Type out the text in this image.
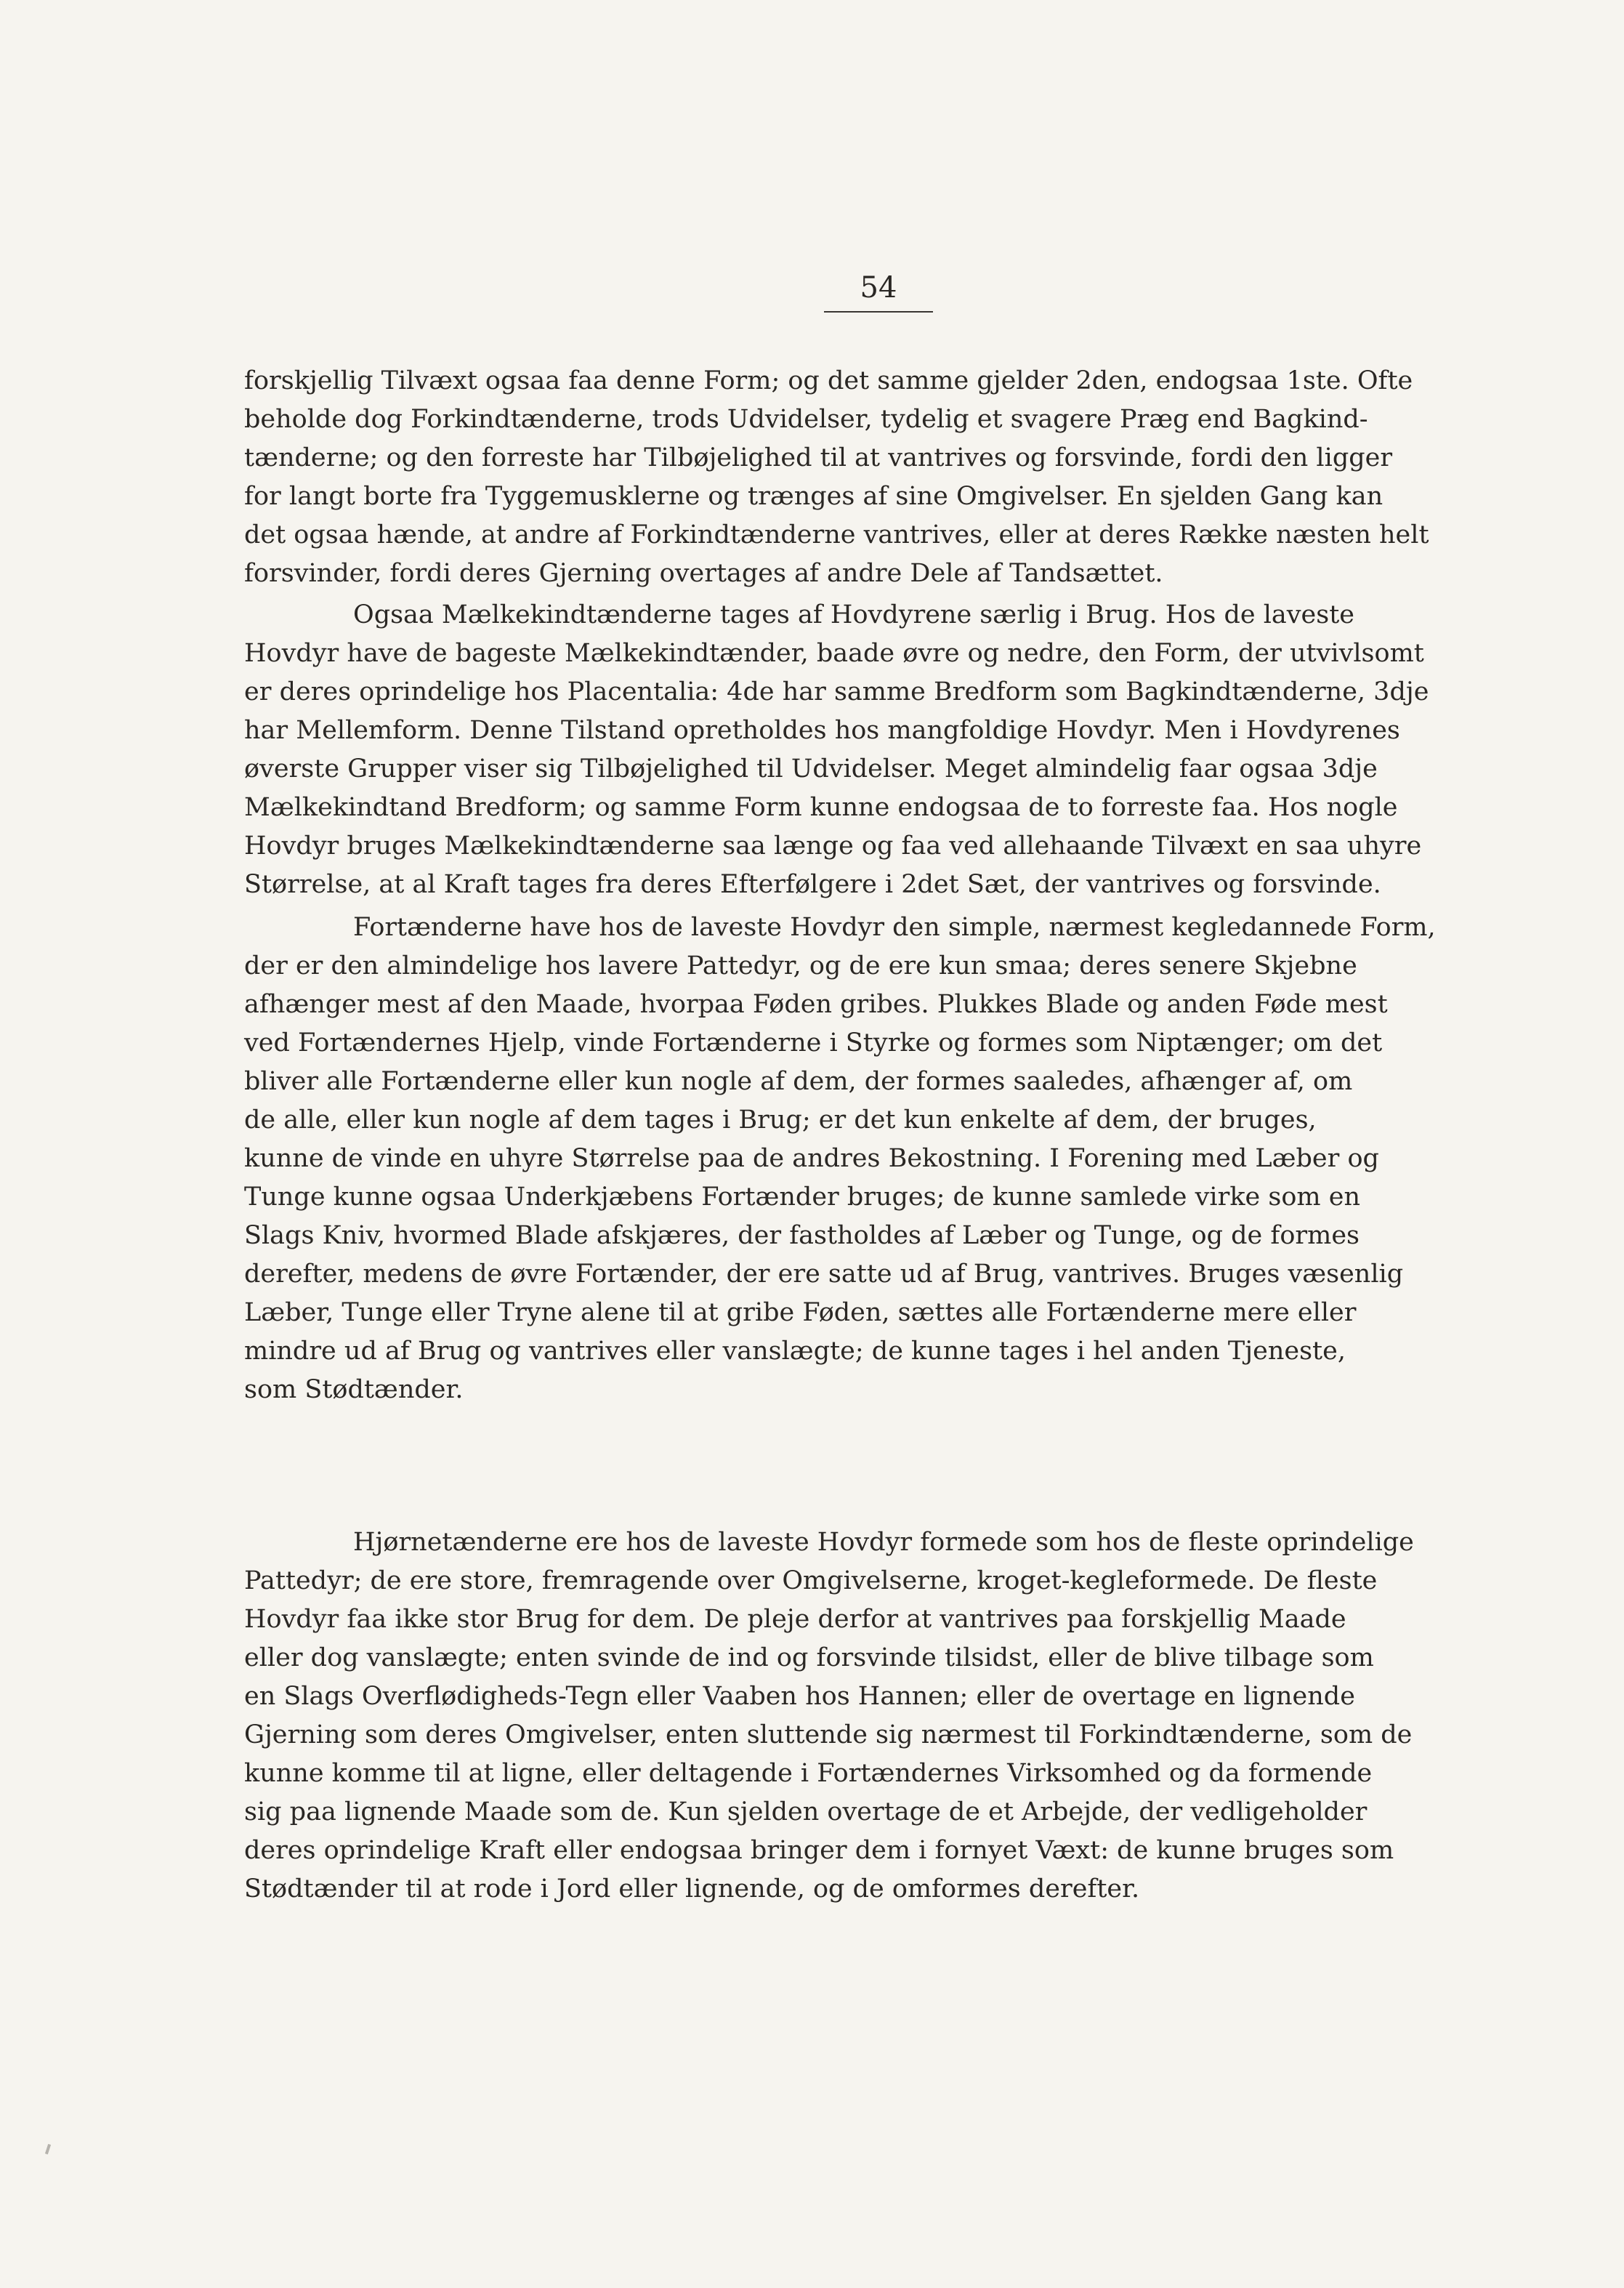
54
forskjellig Tilvæxt ogsaa faa denne Form; og det samme gjelder 2den, endogsaa 1ste. Ofte
beholde dog Forkindtænderne, trods Udvidelser, tydelig et svagere Præg end Bagkind-
tænderne; og den forreste har Tilbøjelighed til at vantrives og forsvinde, fordi den ligger
for langt borte fra Tyggemusklerne og trænges af sine Omgivelser. En sjelden Gang kan
det ogsaa hænde, at andre af Forkindtænderne vantrives, eller at deres Række næsten helt
forsvinder, fordi deres Gjerning overtages af andre Dele af Tandsættet.
Ogsaa Mælkekindtænderne tages af Hovdyrene særlig i Brug. Hos de laveste
Hovdyr have de bageste Mælkekindtænder, baade øvre og nedre, den Form, der utvivlsomt
er deres oprindelige hos Placentalia: 4de har samme Bredform som Bagkindtænderne, 3dje
har Mellemform. Denne Tilstand opretholdes hos mangfoldige Hovdyr. Men i Hovdyrenes
øverste Grupper viser sig Tilbøjelighed til Udvidelser. Meget almindelig faar ogsaa 3dje
Mælkekindtand Bredform; og samme Form kunne endogsaa de to forreste faa. Hos nogle
Hovdyr bruges Mælkekindtænderne saa længe og faa ved allehaande Tilvæxt en saa uhyre
Størrelse, at al Kraft tages fra deres Efterfølgere i 2det Sæt, der vantrives og forsvinde.
Fortænderne have hos de laveste Hovdyr den simple, nærmest kegledannede Form,
der er den almindelige hos lavere Pattedyr, og de ere kun smaa; deres senere Skjebne
afhænger mest af den Maade, hvorpaa Føden gribes. Plukkes Blade og anden Føde mest
ved Fortændernes Hjelp, vinde Fortænderne i Styrke og formes som Niptænger; om det
bliver alle Fortænderne eller kun nogle af dem, der formes saaledes, afhænger af, om
de alle, eller kun nogle af dem tages i Brug; er det kun enkelte af dem, der bruges,
kunne de vinde en uhyre Størrelse paa de andres Bekostning. I Forening med Læber og
Tunge kunne ogsaa Underkjæbens Fortænder bruges; de kunne samlede virke som en
Slags Kniv, hvormed Blade afskjæres, der fastholdes af Læber og Tunge, og de formes
derefter, medens de øvre Fortænder, der ere satte ud af Brug, vantrives. Bruges væsenlig
Læber, Tunge eller Tryne alene til at gribe Føden, sættes alle Fortænderne mere eller
mindre ud af Brug og vantrives eller vanslægte; de kunne tages i hel anden Tjeneste,
som Stødtænder.
Hjørnetænderne ere hos de laveste Hovdyr formede som hos de fleste oprindelige
Pattedyr; de ere store, fremragende over Omgivelserne, kroget-kegleformede. De fleste
Hovdyr faa ikke stor Brug for dem. De pleje derfor at vantrives paa forskjellig Maade
eller dog vanslægte; enten svinde de ind og forsvinde tilsidst, eller de blive tilbage som
en Slags Overflødigheds-Tegn eller Vaaben hos Hannen; eller de overtage en lignende
Gjerning som deres Omgivelser, enten sluttende sig nærmest til Forkindtænderne, som de
kunne komme til at ligne, eller deltagende i Fortændernes Virksomhed og da formende
sig paa lignende Maade som de. Kun sjelden overtage de et Arbejde, der vedligeholder
deres oprindelige Kraft eller endogsaa bringer dem i fornyet Væxt: de kunne bruges som
Stødtænder til at rode i Jord eller lignende, og de omformes derefter.
